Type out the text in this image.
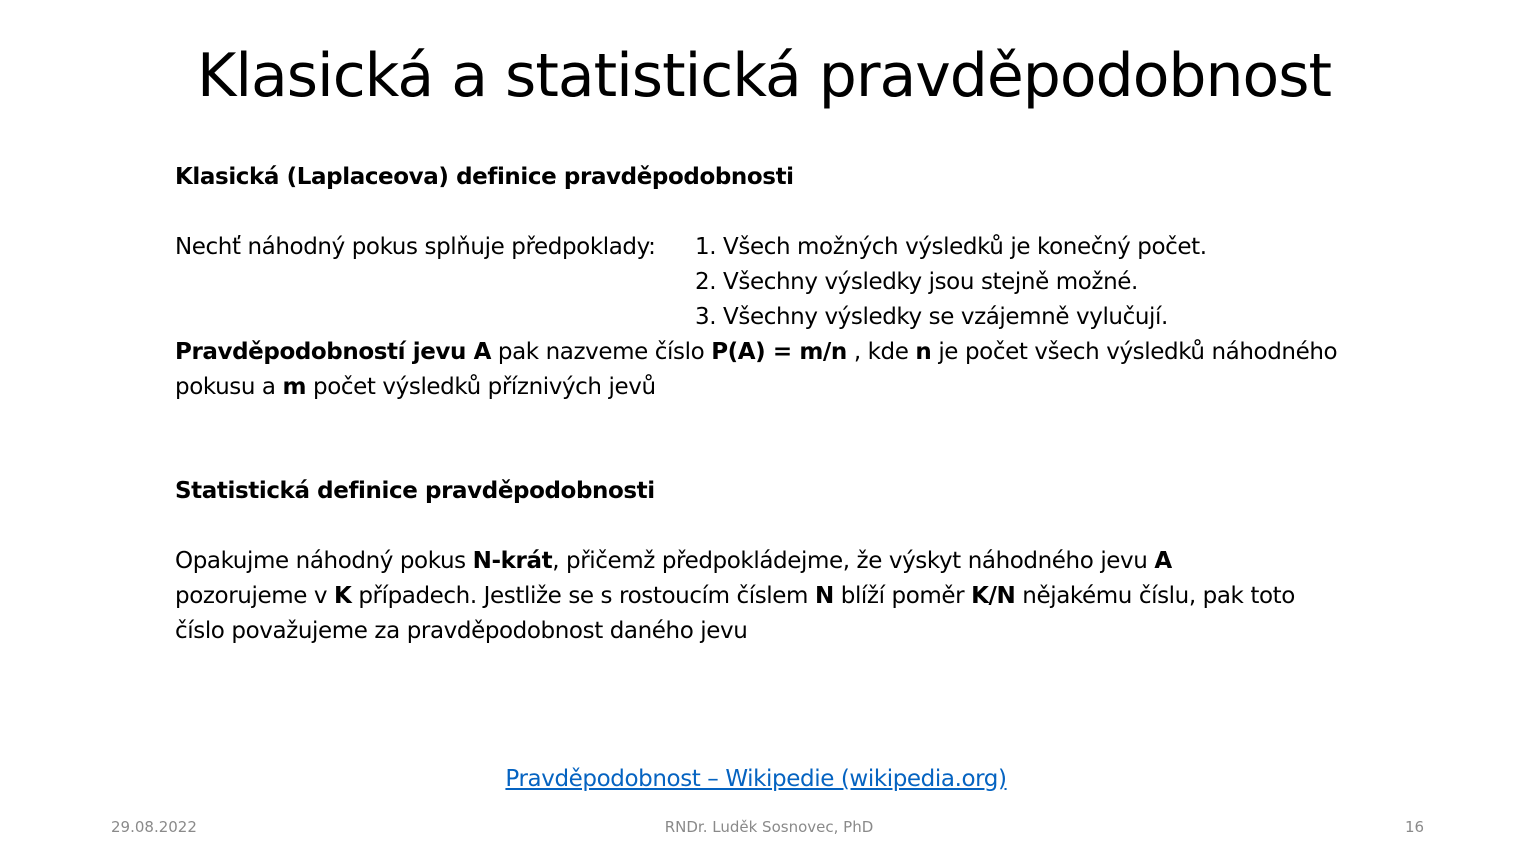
Klasická a statistická pravděpodobnost
Klasická (Laplaceova) definice pravděpodobnosti
Nechť náhodný pokus splňuje předpoklady: 1. Všech možných výsledků je konečný počet.
2. Všechny výsledky jsou stejně možné.
3. Všechny výsledky se vzájemně vylučují.
Pravděpodobností jevu A pak nazveme číslo P(A) = m/n , kde n je počet všech výsledků náhodného
pokusu a m počet výsledků příznivých jevů
Statistická definice pravděpodobnosti
Opakujme náhodný pokus N-krát, přičemž předpokládejme, že výskyt náhodného jevu A
pozorujeme v K případech. Jestliže se s rostoucím číslem N blíží poměr K/N nějakému číslu, pak toto
číslo považujeme za pravděpodobnost daného jevu
Pravděpodobnost – Wikipedie (wikipedia.org)
29.08.2022	RNDr. Luděk Sosnovec, PhD	16
